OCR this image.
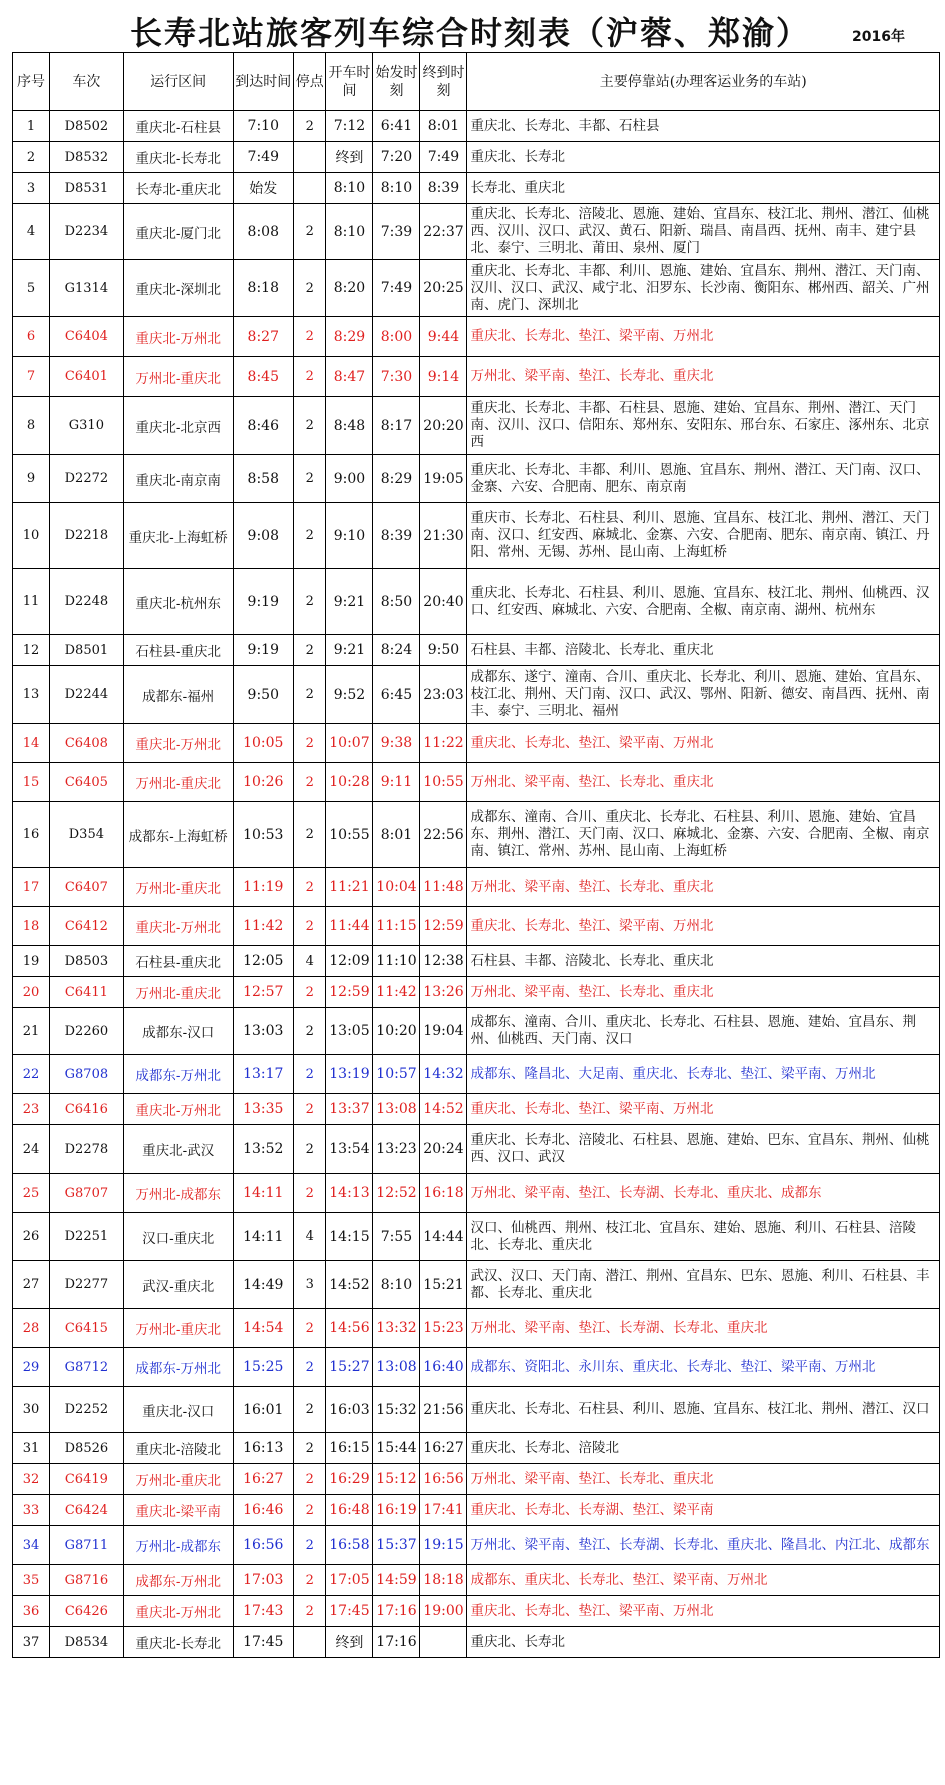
长寿北站旅客列车综合时刻表（沪蓉、郑渝）	2016年
序号	车次	运行区间	到达时间	停点	开车时间	始发时刻	终到时刻	主要停靠站(办理客运业务的车站)
1	D8502	重庆北-石柱县	7:10	2	7:12	6:41	8:01	重庆北、长寿北、丰都、石柱县

2	D8532	重庆北-长寿北	7:49		终到	7:20	7:49	重庆北、长寿北

3	D8531	长寿北-重庆北	始发		8:10	8:10	8:39	长寿北、重庆北

4	D2234	重庆北-厦门北	8:08	2	8:10	7:39	22:37	重庆北、长寿北、涪陵北、恩施、建始、宜昌东、枝江北、荆州、潜江、仙桃西、汉川、汉口、武汉、黄石、阳新、瑞昌、南昌西、抚州、南丰、建宁县北、泰宁、三明北、莆田、泉州、厦门

5	G1314	重庆北-深圳北	8:18	2	8:20	7:49	20:25	重庆北、长寿北、丰都、利川、恩施、建始、宜昌东、荆州、潜江、天门南、汉川、汉口、武汉、咸宁北、汨罗东、长沙南、衡阳东、郴州西、韶关、广州南、虎门、深圳北

6	C6404	重庆北-万州北	8:27	2	8:29	8:00	9:44	重庆北、长寿北、垫江、梁平南、万州北

7	C6401	万州北-重庆北	8:45	2	8:47	7:30	9:14	万州北、梁平南、垫江、长寿北、重庆北

8	G310	重庆北-北京西	8:46	2	8:48	8:17	20:20	重庆北、长寿北、丰都、石柱县、恩施、建始、宜昌东、荆州、潜江、天门南、汉川、汉口、信阳东、郑州东、安阳东、邢台东、石家庄、涿州东、北京西

9	D2272	重庆北-南京南	8:58	2	9:00	8:29	19:05	重庆北、长寿北、丰都、利川、恩施、宜昌东、荆州、潜江、天门南、汉口、金寨、六安、合肥南、肥东、南京南

10	D2218	重庆北-上海虹桥	9:08	2	9:10	8:39	21:30	重庆市、长寿北、石柱县、利川、恩施、宜昌东、枝江北、荆州、潜江、天门南、汉口、红安西、麻城北、金寨、六安、合肥南、肥东、南京南、镇江、丹阳、常州、无锡、苏州、昆山南、上海虹桥

11	D2248	重庆北-杭州东	9:19	2	9:21	8:50	20:40	重庆北、长寿北、石柱县、利川、恩施、宜昌东、枝江北、荆州、仙桃西、汉口、红安西、麻城北、六安、合肥南、全椒、南京南、湖州、杭州东

12	D8501	石柱县-重庆北	9:19	2	9:21	8:24	9:50	石柱县、丰都、涪陵北、长寿北、重庆北

13	D2244	成都东-福州	9:50	2	9:52	6:45	23:03	成都东、遂宁、潼南、合川、重庆北、长寿北、利川、恩施、建始、宜昌东、枝江北、荆州、天门南、汉口、武汉、鄂州、阳新、德安、南昌西、抚州、南丰、泰宁、三明北、福州

14	C6408	重庆北-万州北	10:05	2	10:07	9:38	11:22	重庆北、长寿北、垫江、梁平南、万州北

15	C6405	万州北-重庆北	10:26	2	10:28	9:11	10:55	万州北、梁平南、垫江、长寿北、重庆北

16	D354	成都东-上海虹桥	10:53	2	10:55	8:01	22:56	成都东、潼南、合川、重庆北、长寿北、石柱县、利川、恩施、建始、宜昌东、荆州、潜江、天门南、汉口、麻城北、金寨、六安、合肥南、全椒、南京南、镇江、常州、苏州、昆山南、上海虹桥

17	C6407	万州北-重庆北	11:19	2	11:21	10:04	11:48	万州北、梁平南、垫江、长寿北、重庆北

18	C6412	重庆北-万州北	11:42	2	11:44	11:15	12:59	重庆北、长寿北、垫江、梁平南、万州北

19	D8503	石柱县-重庆北	12:05	4	12:09	11:10	12:38	石柱县、丰都、涪陵北、长寿北、重庆北

20	C6411	万州北-重庆北	12:57	2	12:59	11:42	13:26	万州北、梁平南、垫江、长寿北、重庆北

21	D2260	成都东-汉口	13:03	2	13:05	10:20	19:04	成都东、潼南、合川、重庆北、长寿北、石柱县、恩施、建始、宜昌东、荆州、仙桃西、天门南、汉口

22	G8708	成都东-万州北	13:17	2	13:19	10:57	14:32	成都东、隆昌北、大足南、重庆北、长寿北、垫江、梁平南、万州北

23	C6416	重庆北-万州北	13:35	2	13:37	13:08	14:52	重庆北、长寿北、垫江、梁平南、万州北

24	D2278	重庆北-武汉	13:52	2	13:54	13:23	20:24	重庆北、长寿北、涪陵北、石柱县、恩施、建始、巴东、宜昌东、荆州、仙桃西、汉口、武汉

25	G8707	万州北-成都东	14:11	2	14:13	12:52	16:18	万州北、梁平南、垫江、长寿湖、长寿北、重庆北、成都东

26	D2251	汉口-重庆北	14:11	4	14:15	7:55	14:44	汉口、仙桃西、荆州、枝江北、宜昌东、建始、恩施、利川、石柱县、涪陵北、长寿北、重庆北

27	D2277	武汉-重庆北	14:49	3	14:52	8:10	15:21	武汉、汉口、天门南、潜江、荆州、宜昌东、巴东、恩施、利川、石柱县、丰都、长寿北、重庆北

28	C6415	万州北-重庆北	14:54	2	14:56	13:32	15:23	万州北、梁平南、垫江、长寿湖、长寿北、重庆北

29	G8712	成都东-万州北	15:25	2	15:27	13:08	16:40	成都东、资阳北、永川东、重庆北、长寿北、垫江、梁平南、万州北

30	D2252	重庆北-汉口	16:01	2	16:03	15:32	21:56	重庆北、长寿北、石柱县、利川、恩施、宜昌东、枝江北、荆州、潜江、汉口

31	D8526	重庆北-涪陵北	16:13	2	16:15	15:44	16:27	重庆北、长寿北、涪陵北

32	C6419	万州北-重庆北	16:27	2	16:29	15:12	16:56	万州北、梁平南、垫江、长寿北、重庆北

33	C6424	重庆北-梁平南	16:46	2	16:48	16:19	17:41	重庆北、长寿北、长寿湖、垫江、梁平南

34	G8711	万州北-成都东	16:56	2	16:58	15:37	19:15	万州北、梁平南、垫江、长寿湖、长寿北、重庆北、隆昌北、内江北、成都东

35	G8716	成都东-万州北	17:03	2	17:05	14:59	18:18	成都东、重庆北、长寿北、垫江、梁平南、万州北

36	C6426	重庆北-万州北	17:43	2	17:45	17:16	19:00	重庆北、长寿北、垫江、梁平南、万州北

37	D8534	重庆北-长寿北	17:45		终到	17:16		重庆北、长寿北
